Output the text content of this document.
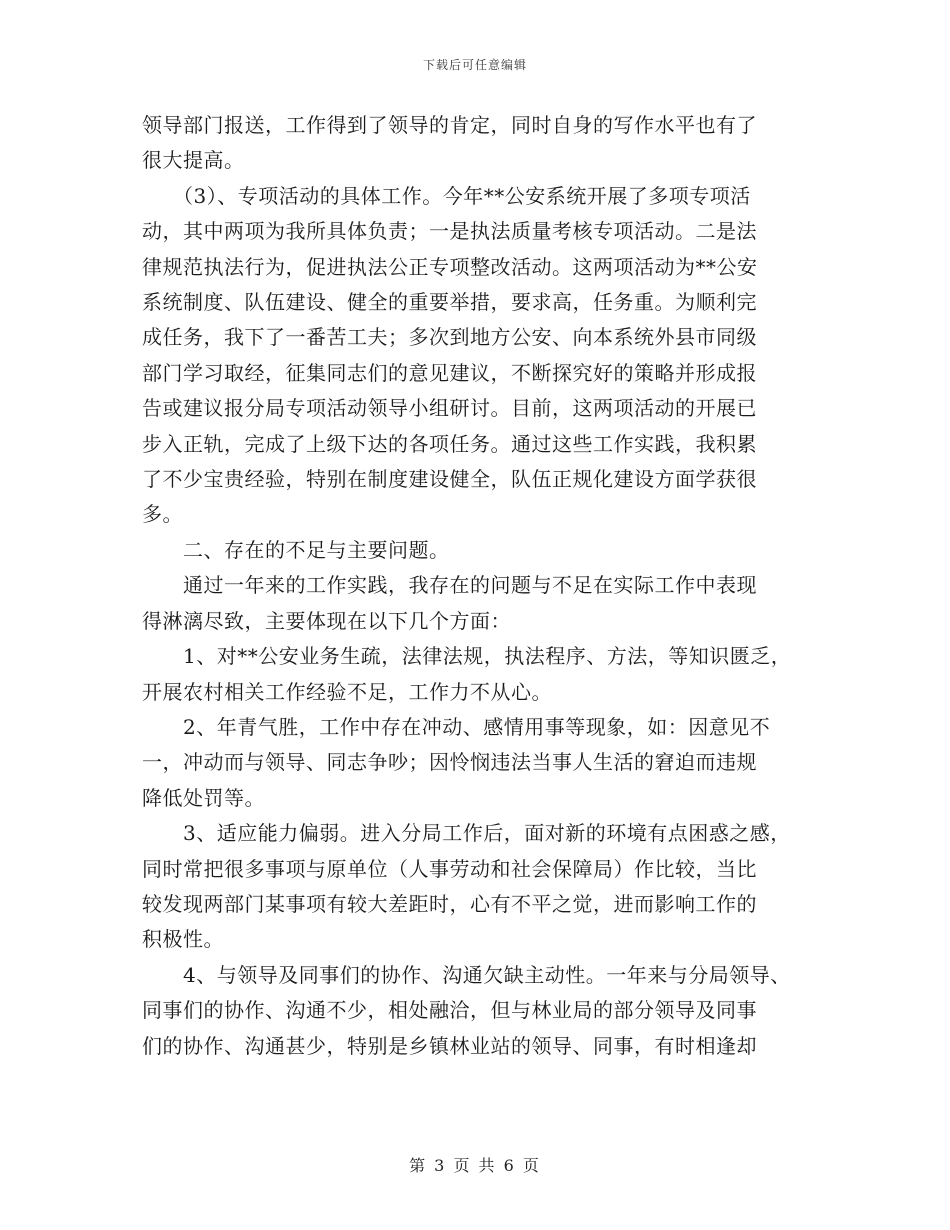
下载后可任意编辑

领导部门报送，工作得到了领导的肯定，同时自身的写作水平也有了
很大提高。

　　（3）、专项活动的具体工作。今年**公安系统开展了多项专项活
动，其中两项为我所具体负责；一是执法质量考核专项活动。二是法
律规范执法行为，促进执法公正专项整改活动。这两项活动为**公安
系统制度、队伍建设、健全的重要举措，要求高，任务重。为顺利完
成任务，我下了一番苦工夫；多次到地方公安、向本系统外县市同级
部门学习取经，征集同志们的意见建议，不断探究好的策略并形成报
告或建议报分局专项活动领导小组研讨。目前，这两项活动的开展已
步入正轨，完成了上级下达的各项任务。通过这些工作实践，我积累
了不少宝贵经验，特别在制度建设健全，队伍正规化建设方面学获很
多。

　　二、存在的不足与主要问题。

　　通过一年来的工作实践，我存在的问题与不足在实际工作中表现
得淋漓尽致，主要体现在以下几个方面：

　　1、对**公安业务生疏，法律法规，执法程序、方法，等知识匮乏，
开展农村相关工作经验不足，工作力不从心。

　　2、年青气胜，工作中存在冲动、感情用事等现象，如：因意见不
一，冲动而与领导、同志争吵；因怜悯违法当事人生活的窘迫而违规
降低处罚等。

　　3、适应能力偏弱。进入分局工作后，面对新的环境有点困惑之感，
同时常把很多事项与原单位（人事劳动和社会保障局）作比较，当比
较发现两部门某事项有较大差距时，心有不平之觉，进而影响工作的
积极性。

　　4、与领导及同事们的协作、沟通欠缺主动性。一年来与分局领导、
同事们的协作、沟通不少，相处融洽，但与林业局的部分领导及同事
们的协作、沟通甚少，特别是乡镇林业站的领导、同事，有时相逢却

第 3 页 共 6 页
